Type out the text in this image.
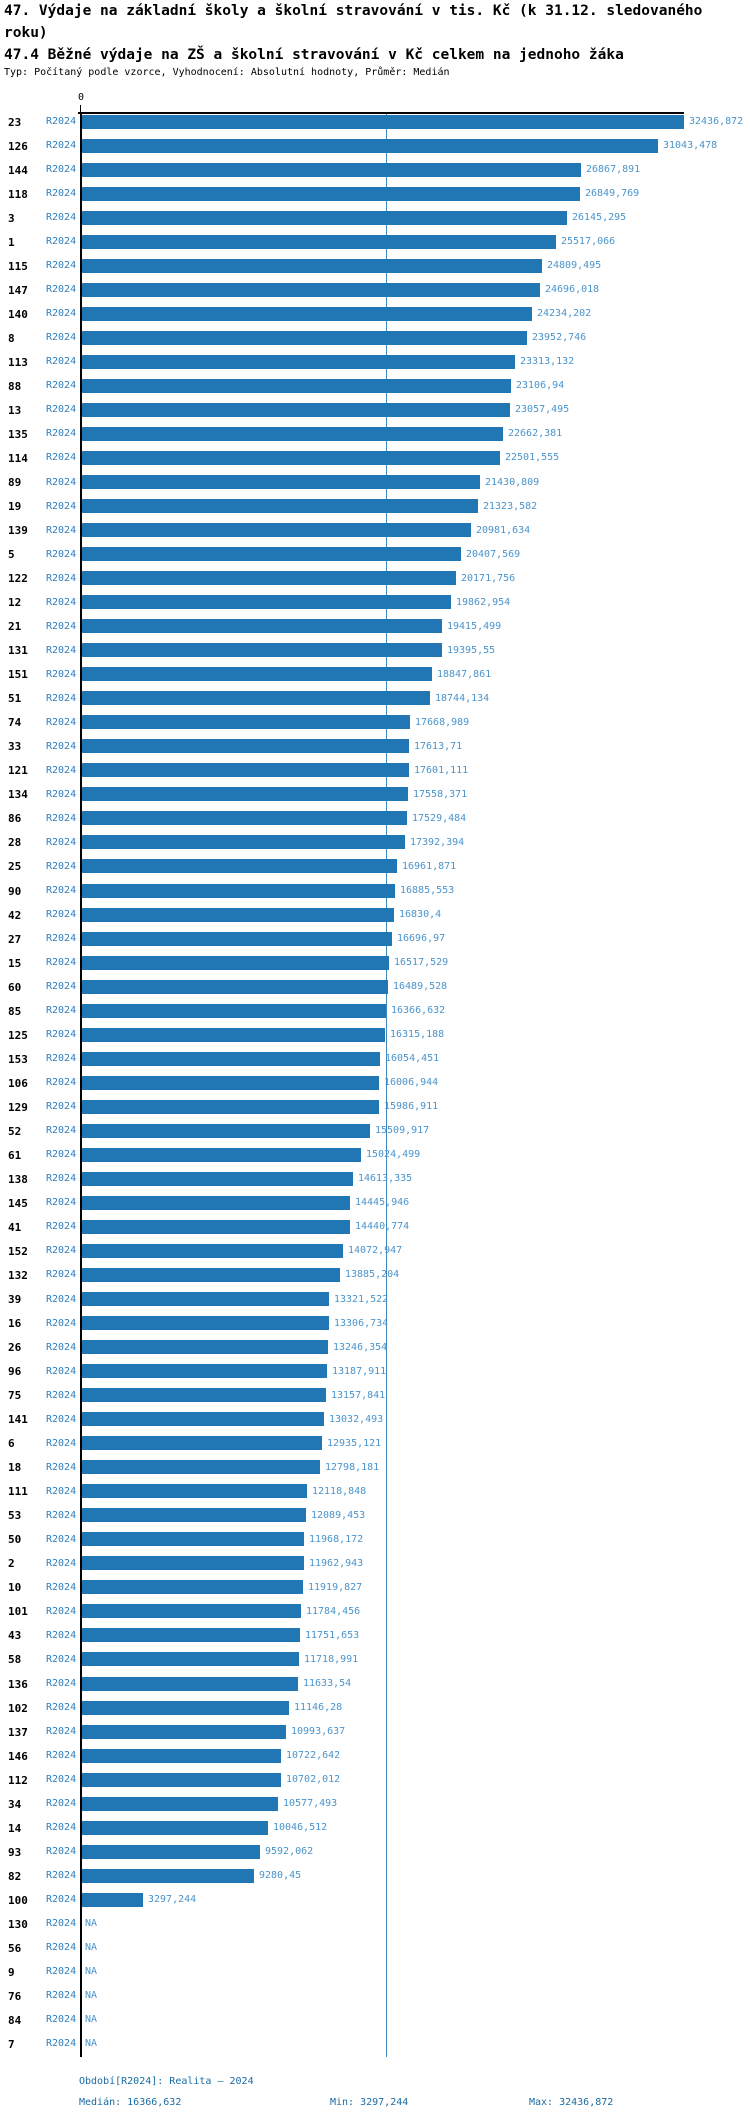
47. Výdaje na základní školy a školní stravování v tis. Kč (k 31.12. sledovaného
roku)
47.4 Běžné výdaje na ZŠ a školní stravování v Kč celkem na jednoho žáka
Typ: Počítaný podle vzorce, Vyhodnocení: Absolutní hodnoty, Průměr: Medián
0
23 R2024	32436,872
126 R2024	31043,478
144 R2024	26867,891
118 R2024	26849,769
3	R2024	26145,295
1	R2024	25517,066
115 R2024	24809,495
147 R2024	24696,018
140 R2024	24234,202
8	R2024	23952,746
113 R2024	23313,132
88 R2024	23106,94
13 R2024	23057,495
135 R2024	22662,381
114 R2024	22501,555
89 R2024	21430,809
19 R2024	21323,582
139 R2024	20981,634
5	R2024	20407,569
122 R2024	20171,756
12 R2024	19862,954
21 R2024	19415,499
131 R2024	19395,55
151 R2024	18847,861
51 R2024	18744,134
74 R2024	17668,989
33 R2024	17613,71
121 R2024	17601,111
134 R2024	17558,371
86 R2024	17529,484
28 R2024	17392,394
25 R2024	16961,871
90 R2024	16885,553
42 R2024	16830,4
27 R2024	16696,97
15 R2024	16517,529
60 R2024	16489,528
85 R2024	16366,632
125 R2024	16315,188
153 R2024	16054,451
106 R2024	16006,944
129 R2024	15986,911
52 R2024	15509,917
61 R2024	15024,499
138 R2024	14613,335
145 R2024	14445,946
41 R2024	14440,774
152 R2024	14072,947
132 R2024	13885,204
39 R2024	13321,522
16 R2024	13306,734
26 R2024	13246,354
96 R2024	13187,911
75 R2024	13157,841
141 R2024	13032,493
6	R2024	12935,121
18 R2024	12798,181
111 R2024	12118,848
53 R2024	12089,453
50 R2024	11968,172
2	R2024	11962,943
10 R2024	11919,827
101 R2024	11784,456
43 R2024	11751,653
58 R2024	11718,991
136 R2024	11633,54
102 R2024	11146,28
137 R2024	10993,637
146 R2024	10722,642
112 R2024	10702,012
34 R2024	10577,493
14 R2024	10046,512
93 R2024	9592,062
82 R2024	9280,45
100 R2024	3297,244
130 R2024 NA
56 R2024 NA
9	R2024 NA
76 R2024 NA
84 R2024 NA
7	R2024 NA
Období[R2024]: Realita – 2024
Medián: 16366,632	Min: 3297,244	Max: 32436,872
